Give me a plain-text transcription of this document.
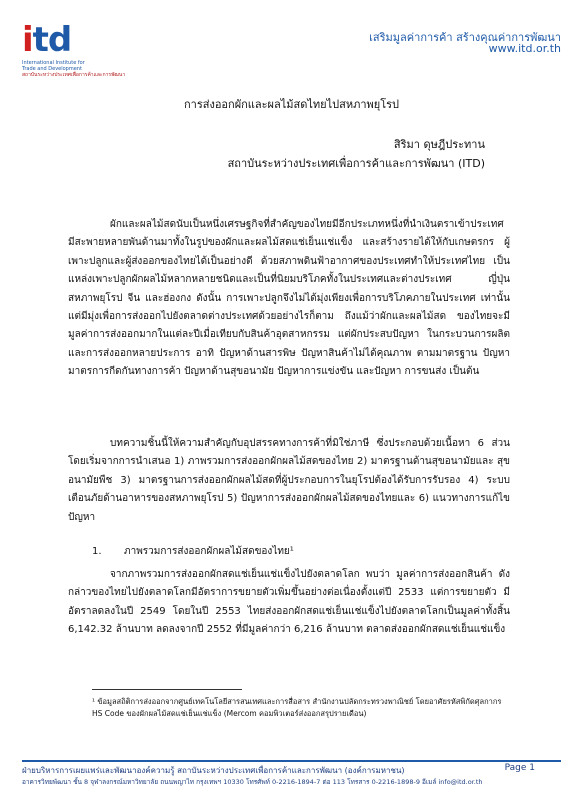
itd
International Institute for
Trade and Development
สถาบันระหว่างประเทศเพื่อการค้าและการพัฒนา
เสริมมูลค่าการค้า สร้างคุณค่าการพัฒนา
www.itd.or.th
การส่งออกผักและผลไม้สดไทยไปสหภาพยุโรป
สิริมา ดุษฎีประทาน
สถาบันระหว่างประเทศเพื่อการค้าและการพัฒนา (ITD)

ผักและผลไม้สดนับเป็นหนึ่งเศรษฐกิจที่สำคัญของไทยมีอีกประเภทหนึ่งที่นำเงินตราเข้าประเทศ มีสะพายหลายพันด้านมาทั้งในรูปของผักและผลไม้สดแช่เย็นแช่แข็ง และสร้างรายได้ให้กับเกษตรกร ผู้เพาะปลูกและผู้ส่งออกของไทยได้เป็นอย่างดี ด้วยสภาพดินฟ้าอากาศของประเทศทำให้ประเทศไทย เป็นแหล่งเพาะปลูกผักผลไม้หลากหลายชนิดและเป็นที่นิยมบริโภคทั้งในประเทศและต่างประเทศ ญี่ปุ่น สหภาพยุโรป จีน และฮ่องกง ดังนั้น การเพาะปลูกจึงไม่ได้มุ่งเพียงเพื่อการบริโภคภายในประเทศ เท่านั้น แต่มีมุ่งเพื่อการส่งออกไปยังตลาดต่างประเทศด้วยอย่างไรก็ตาม ถึงแม้ว่าผักและผลไม้สด ของไทยจะมีมูลค่าการส่งออกมากในแต่ละปีเมื่อเทียบกับสินค้าอุตสาหกรรม แต่ผักประสบปัญหา ในกระบวนการผลิตและการส่งออกหลายประการ อาทิ ปัญหาด้านสารพิษ ปัญหาสินค้าไม่ได้คุณภาพ ตามมาตรฐาน ปัญหามาตรการกีดกันทางการค้า ปัญหาด้านสุขอนามัย ปัญหาการแข่งขัน และปัญหา การขนส่ง เป็นต้น

บทความชิ้นนี้ให้ความสำคัญกับอุปสรรคทางการค้าที่มิใช่ภาษี ซึ่งประกอบด้วยเนื้อหา 6 ส่วน โดยเริ่มจากการนำเสนอ 1) ภาพรวมการส่งออกผักผลไม้สดของไทย 2) มาตรฐานด้านสุขอนามัยและ สุขอนามัยพืช 3) มาตรฐานการส่งออกผักผลไม้สดที่ผู้ประกอบการในยุโรปต้องได้รับการรับรอง 4) ระบบเตือนภัยด้านอาหารของสหภาพยุโรป 5) ปัญหาการส่งออกผักผลไม้สดของไทยและ 6) แนวทางการแก้ไขปัญหา

1. ภาพรวมการส่งออกผักผลไม้สดของไทย¹

จากภาพรวมการส่งออกผักสดแช่เย็นแช่แข็งไปยังตลาดโลก พบว่า มูลค่าการส่งออกสินค้า ดังกล่าวของไทยไปยังตลาดโลกมีอัตราการขยายตัวเพิ่มขึ้นอย่างต่อเนื่องตั้งแต่ปี 2533 แต่การขยายตัว มีอัตราลดลงในปี 2549 โดยในปี 2553 ไทยส่งออกผักสดแช่เย็นแช่แข็งไปยังตลาดโลกเป็นมูลค่าทั้งสิ้น 6,142.32 ล้านบาท ลดลงจากปี 2552 ที่มีมูลค่ากว่า 6,216 ล้านบาท ตลาดส่งออกผักสดแช่เย็นแช่แข็ง

¹ ข้อมูลสถิติการส่งออกจากศูนย์เทคโนโลยีสารสนเทศและการสื่อสาร สำนักงานปลัดกระทรวงพาณิชย์ โดยอาศัยรหัสพิกัดศุลกากร HS Code ของผักผลไม้สดแช่เย็นแช่แข็ง (Mercom คอมพิวเตอร์ส่งออกสรุปรายเดือน)
ฝ่ายบริหารการเผยแพร่และพัฒนาองค์ความรู้ สถาบันระหว่างประเทศเพื่อการค้าและการพัฒนา (องค์การมหาชน)	Page 1
อาคารวิทยพัฒนา ชั้น 8 จุฬาลงกรณ์มหาวิทยาลัย ถนนพญาไท กรุงเทพฯ 10330 โทรศัพท์ 0-2216-1894-7 ต่อ 113 โทรสาร 0-2216-1898-9 อีเมล์ info@itd.or.th
